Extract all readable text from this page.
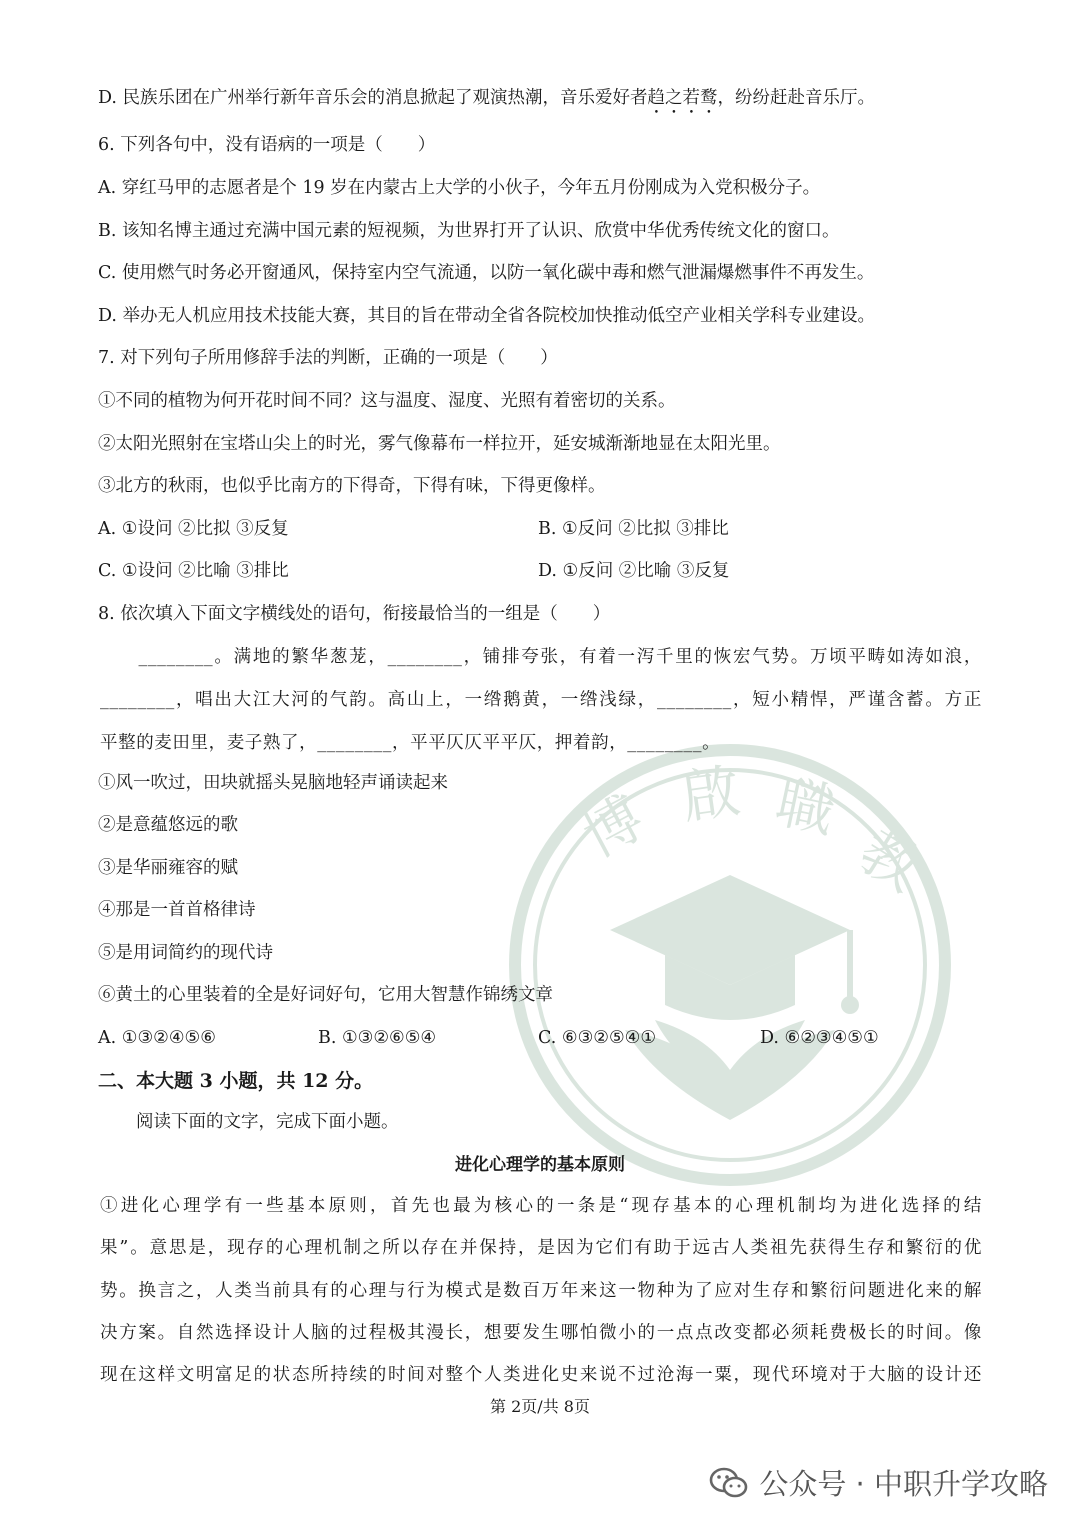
博 啟 職
教
D. 民族乐团在广州举行新年音乐会的消息掀起了观演热潮，音乐爱好者趋之若鹜，纷纷赶赴音乐厅。
6. 下列各句中，没有语病的一项是（　　）
A. 穿红马甲的志愿者是个 19 岁在内蒙古上大学的小伙子，今年五月份刚成为入党积极分子。
B. 该知名博主通过充满中国元素的短视频，为世界打开了认识、欣赏中华优秀传统文化的窗口。
C. 使用燃气时务必开窗通风，保持室内空气流通，以防一氧化碳中毒和燃气泄漏爆燃事件不再发生。
D. 举办无人机应用技术技能大赛，其目的旨在带动全省各院校加快推动低空产业相关学科专业建设。
7. 对下列句子所用修辞手法的判断，正确的一项是（　　）
①不同的植物为何开花时间不同？这与温度、湿度、光照有着密切的关系。
②太阳光照射在宝塔山尖上的时光，雾气像幕布一样拉开，延安城渐渐地显在太阳光里。
③北方的秋雨，也似乎比南方的下得奇，下得有味，下得更像样。
A. ①设问 ②比拟 ③反复	B. ①反问 ②比拟 ③排比
C. ①设问 ②比喻 ③排比	D. ①反问 ②比喻 ③反复
8. 依次填入下面文字横线处的语句，衔接最恰当的一组是（　　）
　　________。满地的繁华葱茏，________，铺排夸张，有着一泻千里的恢宏气势。万顷平畴如涛如浪，
________，唱出大江大河的气韵。高山上，一绺鹅黄，一绺浅绿，________，短小精悍，严谨含蓄。方正
平整的麦田里，麦子熟了，________，平平仄仄平平仄，押着韵，________。
①风一吹过，田块就摇头晃脑地轻声诵读起来
②是意蕴悠远的歌
③是华丽雍容的赋
④那是一首首格律诗
⑤是用词简约的现代诗
⑥黄土的心里装着的全是好词好句，它用大智慧作锦绣文章
A. ①③②④⑤⑥	B. ①③②⑥⑤④	C. ⑥③②⑤④①	D. ⑥②③④⑤①
二、本大题 3 小题，共 12 分。
阅读下面的文字，完成下面小题。
进化心理学的基本原则
①进化心理学有一些基本原则，首先也最为核心的一条是“现存基本的心理机制均为进化选择的结
果”。意思是，现存的心理机制之所以存在并保持，是因为它们有助于远古人类祖先获得生存和繁衍的优
势。换言之，人类当前具有的心理与行为模式是数百万年来这一物种为了应对生存和繁衍问题进化来的解
决方案。自然选择设计人脑的过程极其漫长，想要发生哪怕微小的一点点改变都必须耗费极长的时间。像
现在这样文明富足的状态所持续的时间对整个人类进化史来说不过沧海一粟，现代环境对于大脑的设计还
第 2页/共 8页
公众号 · 中职升学攻略
